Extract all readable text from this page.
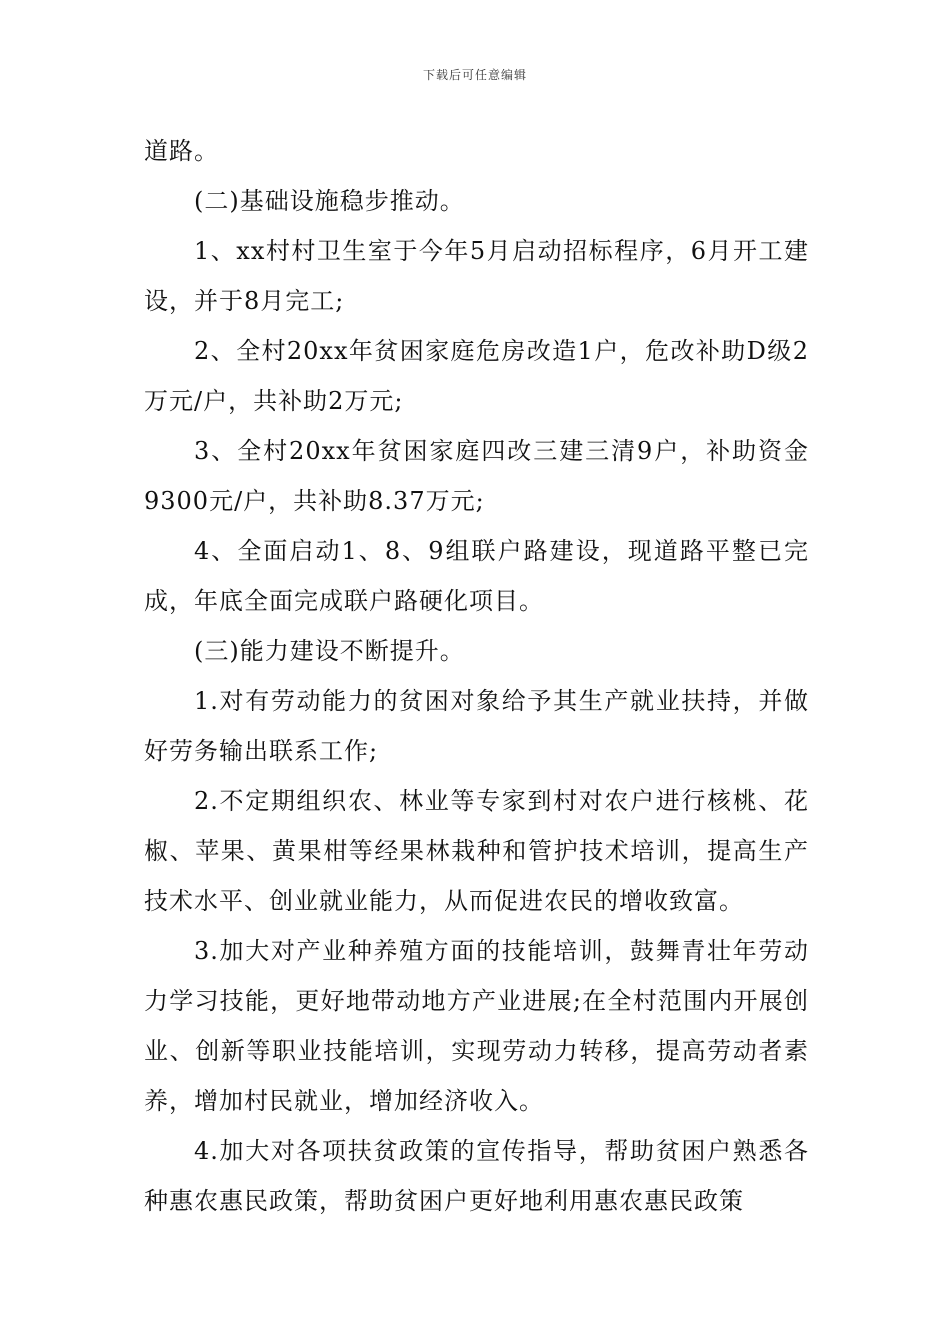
下载后可任意编辑

道路。

(二)基础设施稳步推动。

1、xx村村卫生室于今年5月启动招标程序，6月开工建设，并于8月完工;

2、全村20xx年贫困家庭危房改造1户，危改补助D级2万元/户，共补助2万元;

3、全村20xx年贫困家庭四改三建三清9户，补助资金9300元/户，共补助8.37万元;

4、全面启动1、8、9组联户路建设，现道路平整已完成，年底全面完成联户路硬化项目。

(三)能力建设不断提升。

1.对有劳动能力的贫困对象给予其生产就业扶持，并做好劳务输出联系工作;

2.不定期组织农、林业等专家到村对农户进行核桃、花椒、苹果、黄果柑等经果林栽种和管护技术培训，提高生产技术水平、创业就业能力，从而促进农民的增收致富。

3.加大对产业种养殖方面的技能培训，鼓舞青壮年劳动力学习技能，更好地带动地方产业进展;在全村范围内开展创业、创新等职业技能培训，实现劳动力转移，提高劳动者素养，增加村民就业，增加经济收入。

4.加大对各项扶贫政策的宣传指导，帮助贫困户熟悉各种惠农惠民政策，帮助贫困户更好地利用惠农惠民政策
